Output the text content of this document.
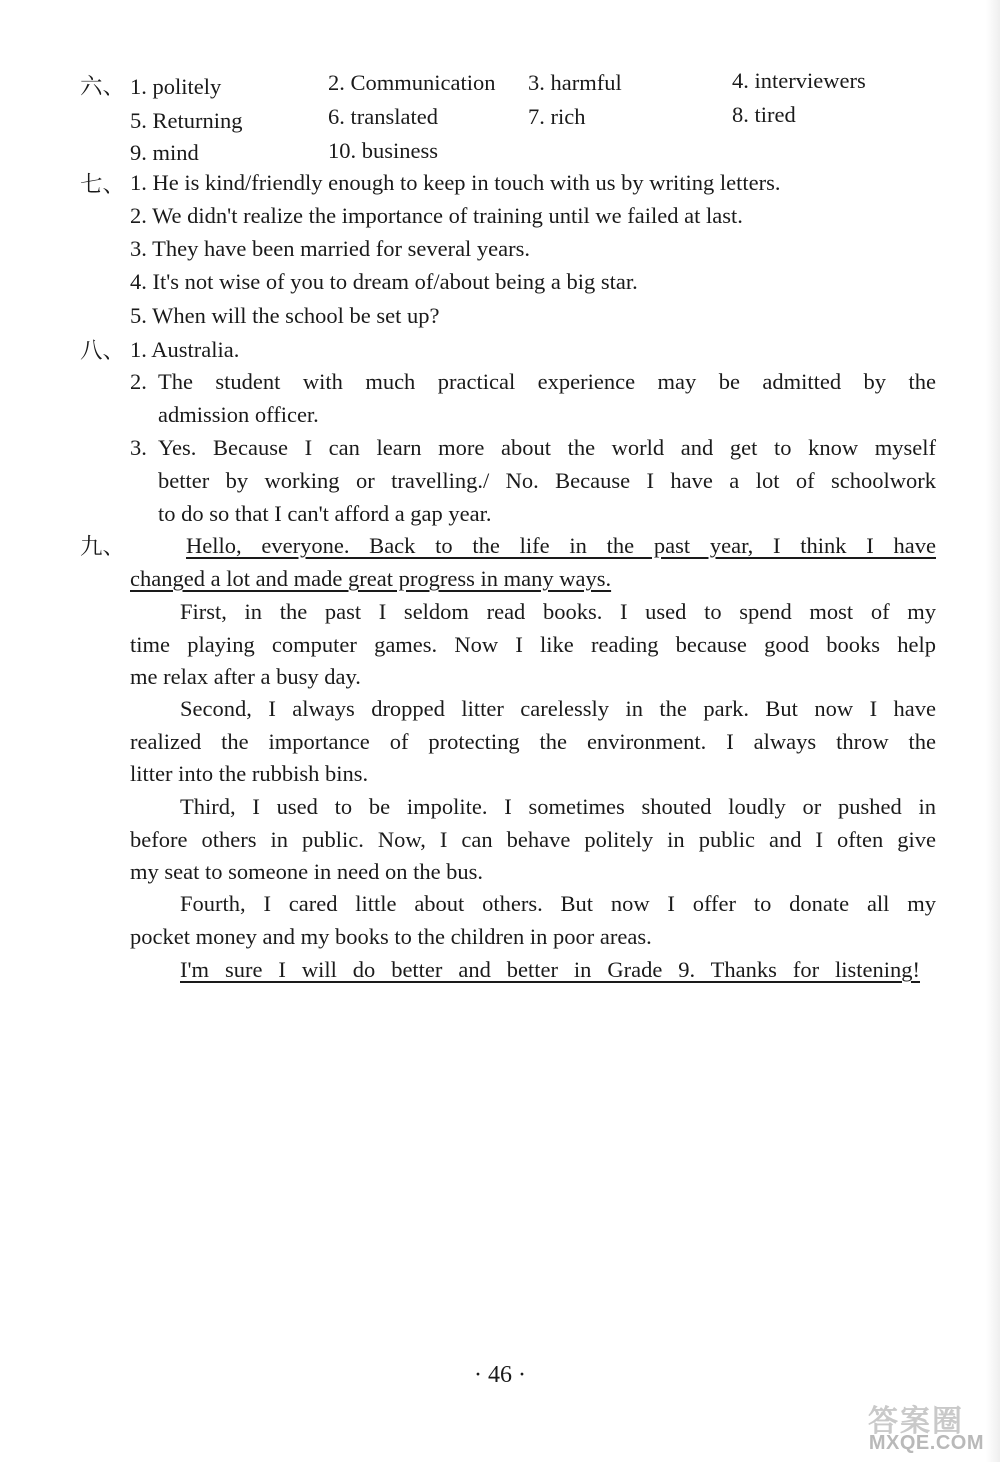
六、 1. politely	2. Communication 3. harmful	4. interviewers
5. Returning	6. translated	7. rich	8. tired
9. mind	10. business
七、 1. He is kind/friendly enough to keep in touch with us by writing letters.
2. We didn't realize the importance of training until we failed at last.
3. They have been married for several years.
4. It's not wise of you to dream of/about being a big star.
5. When will the school be set up?
八、 1. Australia.
2. The student with much practical experience may be admitted by the
admission officer.
3. Yes. Because I can learn more about the world and get to know myself
better by working or travelling./ No. Because I have a lot of schoolwork
to do so that I can't afford a gap year.
九、	Hello, everyone. Back to the life in the past year, I think I have
changed a lot and made great progress in many ways.
First, in the past I seldom read books. I used to spend most of my
time playing computer games. Now I like reading because good books help
me relax after a busy day.
Second, I always dropped litter carelessly in the park. But now I have
realized the importance of protecting the environment. I always throw the
litter into the rubbish bins.
Third, I used to be impolite. I sometimes shouted loudly or pushed in
before others in public. Now, I can behave politely in public and I often give
my seat to someone in need on the bus.
Fourth, I cared little about others. But now I offer to donate all my
pocket money and my books to the children in poor areas.
I'm sure I will do better and better in Grade 9. Thanks for listening!
· 46 ·
答案圈
MXQE.COM
